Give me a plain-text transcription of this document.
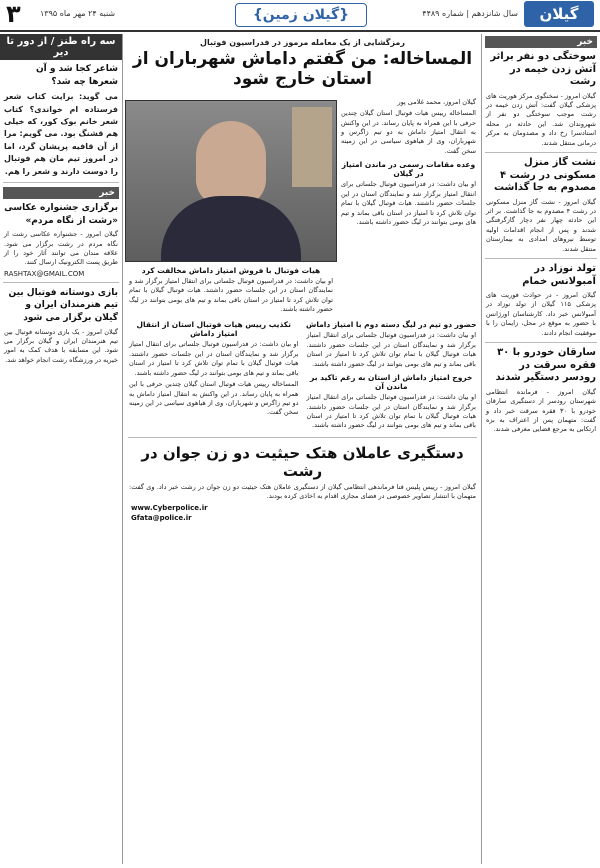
گیلان
سال شانزدهم | شماره ۴۴۸۹
{گیلان زمین}
شنبه ۲۴ مهر ماه ۱۳۹۵
۳
خبر
سوختگی دو نفر براثر آتش زدن خیمه در رشت
گیلان امروز - سخنگوی مرکز هوریت های پزشکی گیلان گفت: آتش زدن خیمه در رشت موجب سوختگی دو نفر از شهروندان شد. این حادثه در محله استادسرا رخ داد و مصدومان به مرکز درمانی منتقل شدند.
نشت گاز منزل مسکونی در رشت ۴ مصدوم به جا گذاشت
گیلان امروز - نشت گاز منزل مسکونی در رشت ۴ مصدوم به جا گذاشت. بر اثر این حادثه چهار نفر دچار گازگرفتگی شدند و پس از انجام اقدامات اولیه توسط نیروهای امدادی به بیمارستان منتقل شدند.
تولد نوزاد در آمبولانس خمام
گیلان امروز - در حوادث فوریت های پزشکی ۱۱۵ گیلان از تولد نوزاد در آمبولانس خبر داد. کارشناسان اورژانس با حضور به موقع در محل، زایمان را با موفقیت انجام دادند.
سارقان خودرو با ۳۰ فقره سرقت در رودسر دستگیر شدند
گیلان امروز - فرمانده انتظامی شهرستان رودسر از دستگیری سارقان خودرو با ۳۰ فقره سرقت خبر داد و گفت: متهمان پس از اعتراف به بزه ارتکابی به مرجع قضایی معرفی شدند.
رمزگشایی از یک معامله مرموز در فدراسیون فوتبال
المساخاله: من گفتم داماش شهرباران از استان خارج شود
گیلان امروز، محمد غلامی پور
المساخاله رییس هیات فوتبال استان گیلان چندین حرفی با این همراه به پایان رساند. در این واکنش به انتقال امتیاز داماش به دو تیم زاگرس و شهرباران، وی از هیاهوی سیاسی در این زمینه سخن گفت.
وعده مقامات رسمی در ماندن امتیاز در گیلان
او بیان داشت: در فدراسیون فوتبال جلساتی برای انتقال امتیاز برگزار شد و نمایندگان استان در این جلسات حضور داشتند. هیات فوتبال گیلان با تمام توان تلاش کرد تا امتیاز در استان باقی بماند و تیم های بومی بتوانند در لیگ حضور داشته باشند.
هیات فوتبال با فروش امتیاز داماش مخالفت کرد
او بیان داشت: در فدراسیون فوتبال جلساتی برای انتقال امتیاز برگزار شد و نمایندگان استان در این جلسات حضور داشتند. هیات فوتبال گیلان با تمام توان تلاش کرد تا امتیاز در استان باقی بماند و تیم های بومی بتوانند در لیگ حضور داشته باشند.
حضور دو تیم در لیگ دسته دوم با امتیاز داماش
او بیان داشت: در فدراسیون فوتبال جلساتی برای انتقال امتیاز برگزار شد و نمایندگان استان در این جلسات حضور داشتند. هیات فوتبال گیلان با تمام توان تلاش کرد تا امتیاز در استان باقی بماند و تیم های بومی بتوانند در لیگ حضور داشته باشند.
خروج امتیاز داماش از استان به رغم تاکید بر ماندن آن
او بیان داشت: در فدراسیون فوتبال جلساتی برای انتقال امتیاز برگزار شد و نمایندگان استان در این جلسات حضور داشتند. هیات فوتبال گیلان با تمام توان تلاش کرد تا امتیاز در استان باقی بماند و تیم های بومی بتوانند در لیگ حضور داشته باشند.
تکذیب رییس هیات فوتبال استان از انتقال امتیاز داماش
او بیان داشت: در فدراسیون فوتبال جلساتی برای انتقال امتیاز برگزار شد و نمایندگان استان در این جلسات حضور داشتند. هیات فوتبال گیلان با تمام توان تلاش کرد تا امتیاز در استان باقی بماند و تیم های بومی بتوانند در لیگ حضور داشته باشند.
المساخاله رییس هیات فوتبال استان گیلان چندین حرفی با این همراه به پایان رساند. در این واکنش به انتقال امتیاز داماش به دو تیم زاگرس و شهرباران، وی از هیاهوی سیاسی در این زمینه سخن گفت.
دستگیری عاملان هتک حیثیت دو زن جوان در رشت
گیلان امروز - رییس پلیس فتا فرماندهی انتظامی گیلان از دستگیری عاملان هتک حیثیت دو زن جوان در رشت خبر داد. وی گفت: متهمان با انتشار تصاویر خصوصی در فضای مجازی اقدام به اخاذی کرده بودند.
www.Cyberpolice.ir
Gfata@police.ir
سه راه طنز / از دور تا دیر
شاعر کجا شد و آن شعرها چه شد؟
می گوید: برایت کتاب شعر فرستاده ام خواندی؟ کتاب شعر خانم بوک کور، که خیلی هم قشنگ بود. می گویم: مرا از آن قافیه پریشان گرد، اما در امروز تیم مان هم فوتبال را دوست دارند و شعر را هم.
خبر
برگزاری جشنواره عکاسی «رشت از نگاه مردم»
گیلان امروز - جشنواره عکاسی رشت از نگاه مردم در رشت برگزار می شود. علاقه مندان می توانند آثار خود را از طریق پست الکترونیک ارسال کنند.
RASHTAX@GMAIL.COM
بازی دوستانه فوتبال بین تیم هنرمندان ایران و گیلان برگزار می شود
گیلان امروز - یک بازی دوستانه فوتبال بین تیم هنرمندان ایران و گیلان برگزار می شود. این مسابقه با هدف کمک به امور خیریه در ورزشگاه رشت انجام خواهد شد.
